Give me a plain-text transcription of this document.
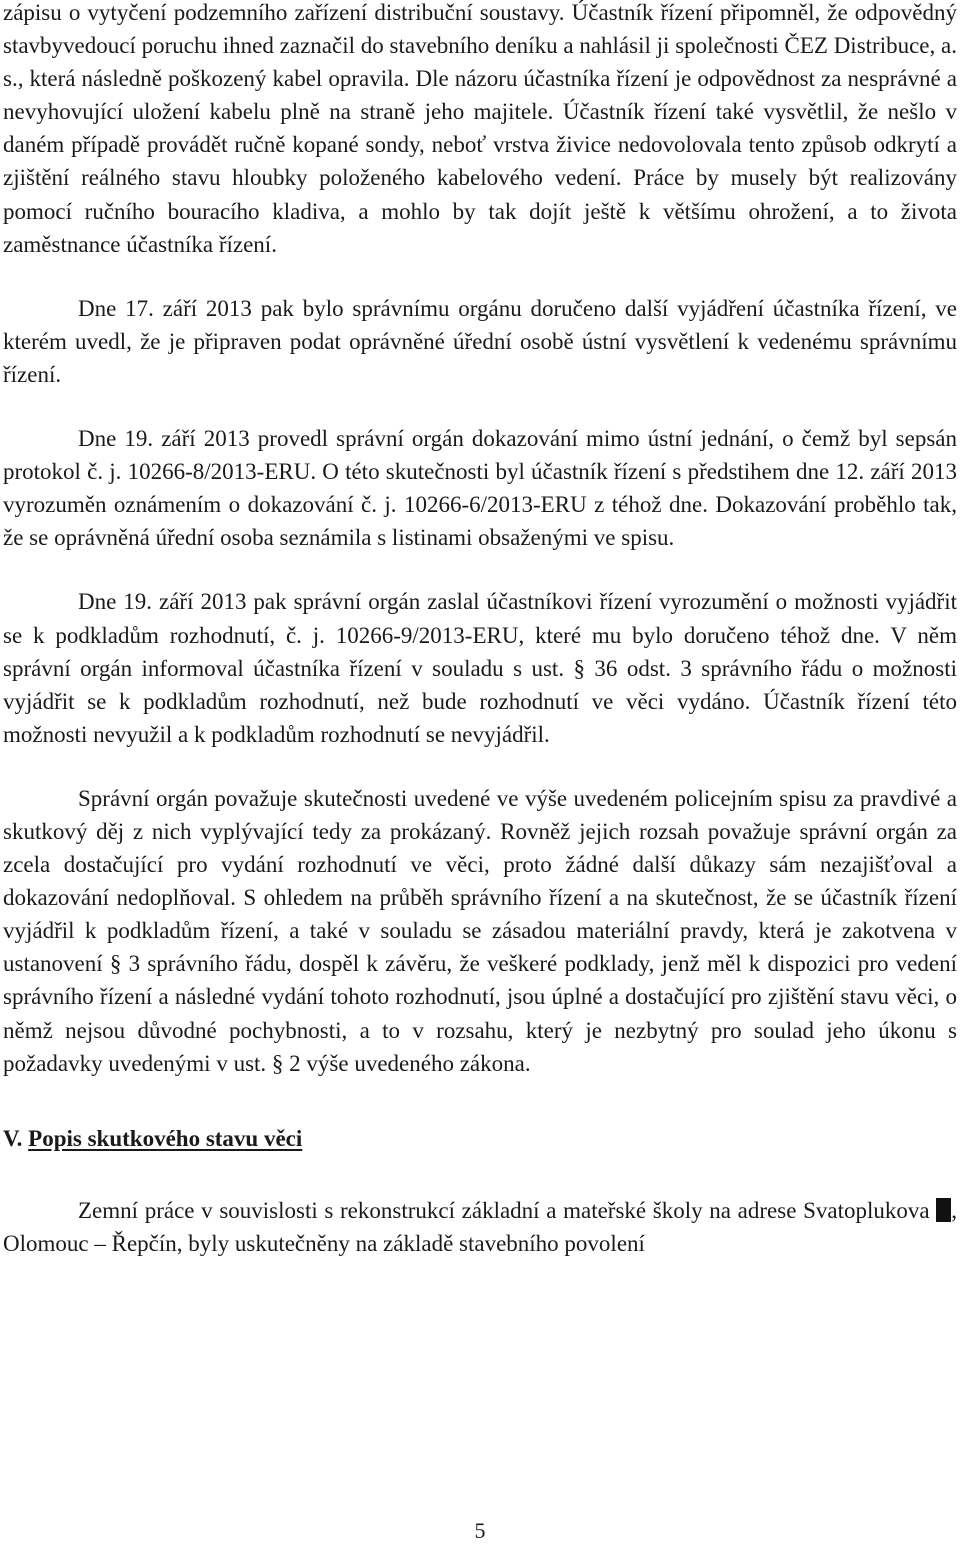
zápisu o vytyčení podzemního zařízení distribuční soustavy. Účastník řízení připomněl, že odpovědný stavbyvedoucí poruchu ihned zaznačil do stavebního deníku a nahlásil ji společnosti ČEZ Distribuce, a. s., která následně poškozený kabel opravila. Dle názoru účastníka řízení je odpovědnost za nesprávné a nevyhovující uložení kabelu plně na straně jeho majitele. Účastník řízení také vysvětlil, že nešlo v daném případě provádět ručně kopané sondy, neboť vrstva živice nedovolovala tento způsob odkrytí a zjištění reálného stavu hloubky položeného kabelového vedení. Práce by musely být realizovány pomocí ručního bouracího kladiva, a mohlo by tak dojít ještě k většímu ohrožení, a to života zaměstnance účastníka řízení.

Dne 17. září 2013 pak bylo správnímu orgánu doručeno další vyjádření účastníka řízení, ve kterém uvedl, že je připraven podat oprávněné úřední osobě ústní vysvětlení k vedenému správnímu řízení.

Dne 19. září 2013 provedl správní orgán dokazování mimo ústní jednání, o čemž byl sepsán protokol č. j. 10266-8/2013-ERU. O této skutečnosti byl účastník řízení s předstihem dne 12. září 2013 vyrozuměn oznámením o dokazování č. j. 10266-6/2013-ERU z téhož dne. Dokazování proběhlo tak, že se oprávněná úřední osoba seznámila s listinami obsaženými ve spisu.

Dne 19. září 2013 pak správní orgán zaslal účastníkovi řízení vyrozumění o možnosti vyjádřit se k podkladům rozhodnutí, č. j. 10266-9/2013-ERU, které mu bylo doručeno téhož dne. V něm správní orgán informoval účastníka řízení v souladu s ust. § 36 odst. 3 správního řádu o možnosti vyjádřit se k podkladům rozhodnutí, než bude rozhodnutí ve věci vydáno. Účastník řízení této možnosti nevyužil a k podkladům rozhodnutí se nevyjádřil.

Správní orgán považuje skutečnosti uvedené ve výše uvedeném policejním spisu za pravdivé a skutkový děj z nich vyplývající tedy za prokázaný. Rovněž jejich rozsah považuje správní orgán za zcela dostačující pro vydání rozhodnutí ve věci, proto žádné další důkazy sám nezajišťoval a dokazování nedoplňoval. S ohledem na průběh správního řízení a na skutečnost, že se účastník řízení vyjádřil k podkladům řízení, a také v souladu se zásadou materiální pravdy, která je zakotvena v ustanovení § 3 správního řádu, dospěl k závěru, že veškeré podklady, jenž měl k dispozici pro vedení správního řízení a následné vydání tohoto rozhodnutí, jsou úplné a dostačující pro zjištění stavu věci, o němž nejsou důvodné pochybnosti, a to v rozsahu, který je nezbytný pro soulad jeho úkonu s požadavky uvedenými v ust. § 2 výše uvedeného zákona.

V. Popis skutkového stavu věci

Zemní práce v souvislosti s rekonstrukcí základní a mateřské školy na adrese Svatoplukova , Olomouc – Řepčín, byly uskutečněny na základě stavebního povolení

5
